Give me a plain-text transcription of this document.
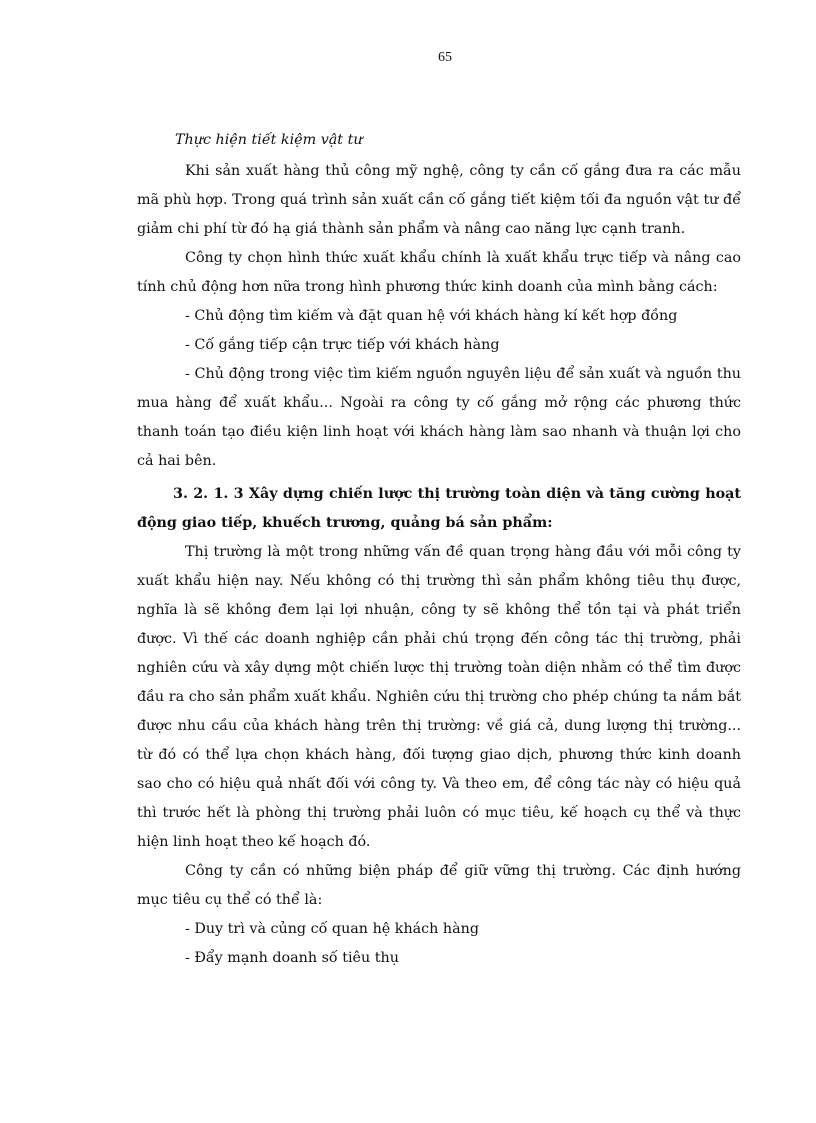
65

Thực hiện tiết kiệm vật tư

Khi sản xuất hàng thủ công mỹ nghệ, công ty cần cố gắng đưa ra các mẫu mã phù hợp. Trong quá trình sản xuất cần cố gắng tiết kiệm tối đa nguồn vật tư để giảm chi phí từ đó hạ giá thành sản phẩm và nâng cao năng lực cạnh tranh.

Công ty chọn hình thức xuất khẩu chính là xuất khẩu trực tiếp và nâng cao tính chủ động hơn nữa trong hình phương thức kinh doanh của mình bằng cách:

- Chủ động tìm kiếm và đặt quan hệ với khách hàng kí kết hợp đồng

- Cố gắng tiếp cận trực tiếp với khách hàng

- Chủ động trong việc tìm kiếm nguồn nguyên liệu để sản xuất và nguồn thu mua hàng để xuất khẩu... Ngoài ra công ty cố gắng mở rộng các phương thức thanh toán tạo điều kiện linh hoạt với khách hàng làm sao nhanh và thuận lợi cho cả hai bên.

3. 2. 1. 3 Xây dựng chiến lược thị trường toàn diện và tăng cường hoạt động giao tiếp, khuếch trương, quảng bá sản phẩm:

Thị trường là một trong những vấn đề quan trọng hàng đầu với mỗi công ty xuất khẩu hiện nay. Nếu không có thị trường thì sản phẩm không tiêu thụ được, nghĩa là sẽ không đem lại lợi nhuận, công ty sẽ không thể tồn tại và phát triển được. Vì thế các doanh nghiệp cần phải chú trọng đến công tác thị trường, phải nghiên cứu và xây dựng một chiến lược thị trường toàn diện nhằm có thể tìm được đầu ra cho sản phẩm xuất khẩu. Nghiên cứu thị trường cho phép chúng ta nắm bắt được nhu cầu của khách hàng trên thị trường: về giá cả, dung lượng thị trường... từ đó có thể lựa chọn khách hàng, đối tượng giao dịch, phương thức kinh doanh sao cho có hiệu quả nhất đối với công ty. Và theo em, để công tác này có hiệu quả thì trước hết là phòng thị trường phải luôn có mục tiêu, kế hoạch cụ thể và thực hiện linh hoạt theo kế hoạch đó.

Công ty cần có những biện pháp để giữ vững thị trường. Các định hướng mục tiêu cụ thể có thể là:

- Duy trì và củng cố quan hệ khách hàng

- Đẩy mạnh doanh số tiêu thụ
